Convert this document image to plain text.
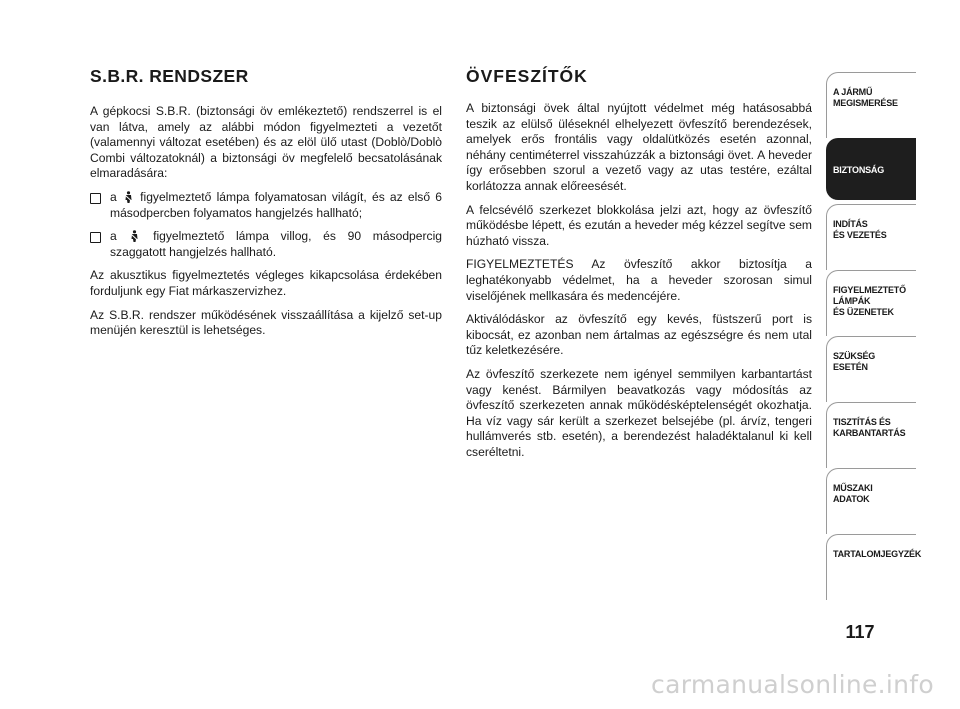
S.B.R. RENDSZER

A gépkocsi S.B.R. (biztonsági öv emlékeztető) rendszerrel is el van látva, amely az alábbi módon figyelmezteti a vezetőt (valamennyi változat esetében) és az elöl ülő utast (Doblò/Doblò Combi változatoknál) a biztonsági öv megfelelő becsatolásának elmaradására:

a figyelmeztető lámpa folyamatosan világít, és az első 6 másodpercben folyamatos hangjelzés hallható;
a	figyelmeztető lámpa villog, és 90 másodpercig szaggatott hangjelzés hallható.

Az akusztikus figyelmeztetés végleges kikapcsolása érdekében forduljunk egy Fiat márkaszervizhez.

Az S.B.R. rendszer működésének visszaállítása a kijelző set-up menüjén keresztül is lehetséges.

ÖVFESZÍTŐK

A biztonsági övek által nyújtott védelmet még hatásosabbá teszik az elülső üléseknél elhelyezett övfeszítő berendezések, amelyek erős frontális vagy oldalütközés esetén azonnal, néhány centiméterrel visszahúzzák a biztonsági övet. A heveder így erősebben szorul a vezető vagy az utas testére, ezáltal korlátozza annak előreesését.

A felcsévélő szerkezet blokkolása jelzi azt, hogy az övfeszítő működésbe lépett, és ezután a heveder még kézzel segítve sem húzható vissza.

FIGYELMEZTETÉS Az övfeszítő akkor biztosítja a leghatékonyabb védelmet, ha a heveder szorosan simul viselőjének mellkasára és medencéjére.

Aktiválódáskor az övfeszítő egy kevés, füstszerű port is kibocsát, ez azonban nem ártalmas az egészségre és nem utal tűz keletkezésére.

Az övfeszítő szerkezete nem igényel semmilyen karbantartást vagy kenést. Bármilyen beavatkozás vagy módosítás az övfeszítő szerkezeten annak működésképtelenségét okozhatja. Ha víz vagy sár került a szerkezet belsejébe (pl. árvíz, tengeri hullámverés stb. esetén), a berendezést haladéktalanul ki kell cseréltetni.

A JÁRMŰ
MEGISMERÉSE
BIZTONSÁG
INDÍTÁS
ÉS VEZETÉS
FIGYELMEZTETŐ
LÁMPÁK
ÉS ÜZENETEK
SZÜKSÉG
ESETÉN
TISZTÍTÁS ÉS
KARBANTARTÁS
MŰSZAKI
ADATOK
TARTALOMJEGYZÉK
117
carmanualsonline.info
